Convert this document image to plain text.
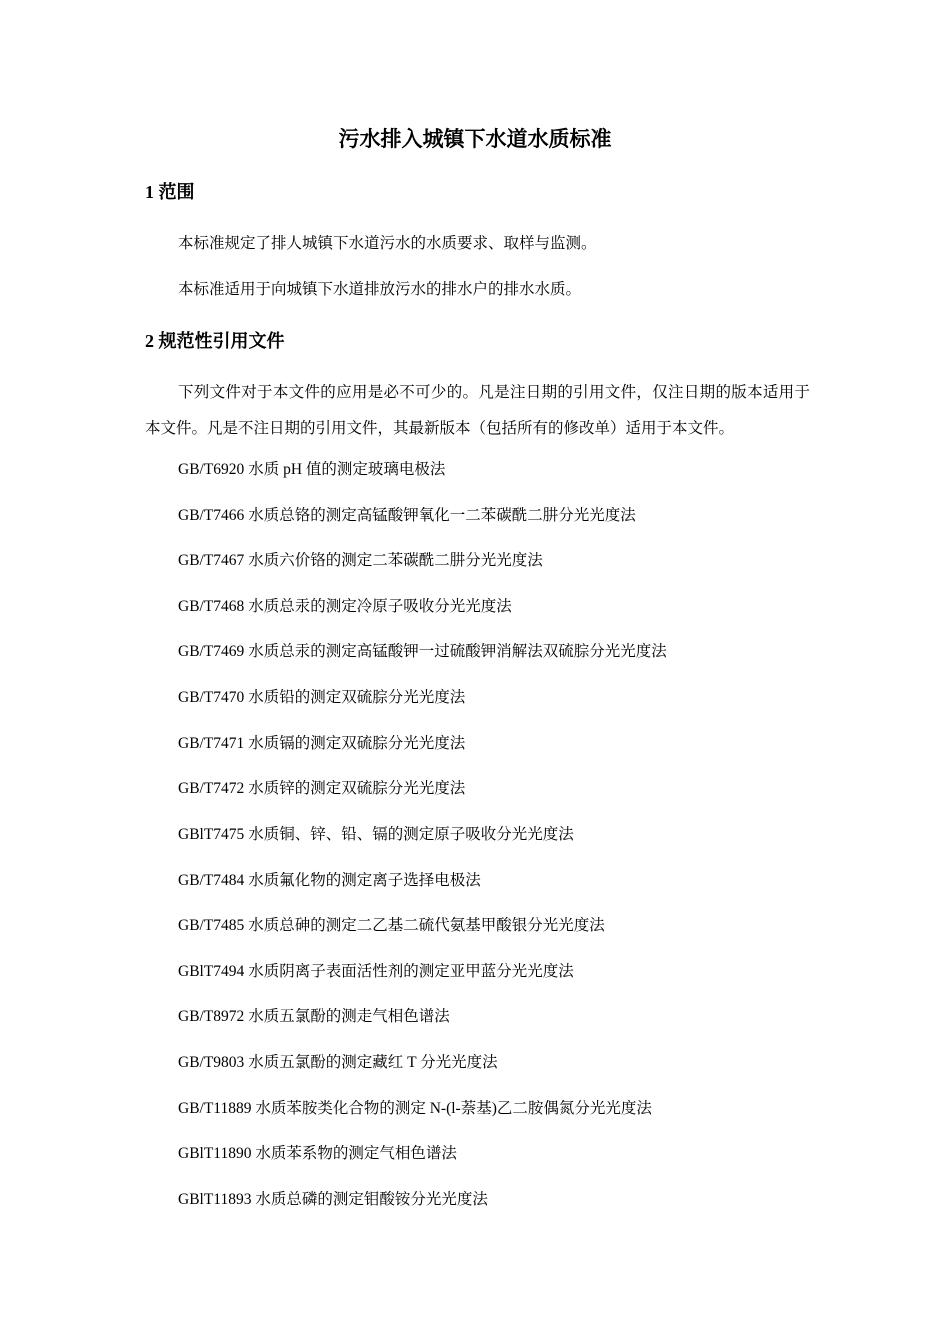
污水排入城镇下水道水质标准
1 范围

本标准规定了排人城镇下水道污水的水质要求、取样与监测。

本标准适用于向城镇下水道排放污水的排水户的排水水质。

2 规范性引用文件

下列文件对于本文件的应用是必不可少的。凡是注日期的引用文件，仅注日期的版本适用于本文件。凡是不注日期的引用文件，其最新版本（包括所有的修改单）适用于本文件。

GB/T6920 水质 pH 值的测定玻璃电极法

GB/T7466 水质总铬的测定高锰酸钾氧化一二苯碳酰二肼分光光度法

GB/T7467 水质六价铬的测定二苯碳酰二肼分光光度法

GB/T7468 水质总汞的测定冷原子吸收分光光度法

GB/T7469 水质总汞的测定高锰酸钾一过硫酸钾消解法双硫腙分光光度法

GB/T7470 水质铅的测定双硫腙分光光度法

GB/T7471 水质镉的测定双硫腙分光光度法

GB/T7472 水质锌的测定双硫腙分光光度法

GBlT7475 水质铜、锌、铅、镉的测定原子吸收分光光度法

GB/T7484 水质氟化物的测定离子选择电极法

GB/T7485 水质总砷的测定二乙基二硫代氨基甲酸银分光光度法

GBlT7494 水质阴离子表面活性剂的测定亚甲蓝分光光度法

GB/T8972 水质五氯酚的测走气相色谱法

GB/T9803 水质五氯酚的测定藏红 T 分光光度法

GB/T11889 水质苯胺类化合物的测定 N-(l-萘基)乙二胺偶氮分光光度法

GBlT11890 水质苯系物的测定气相色谱法

GBlT11893 水质总磷的测定钼酸铵分光光度法
